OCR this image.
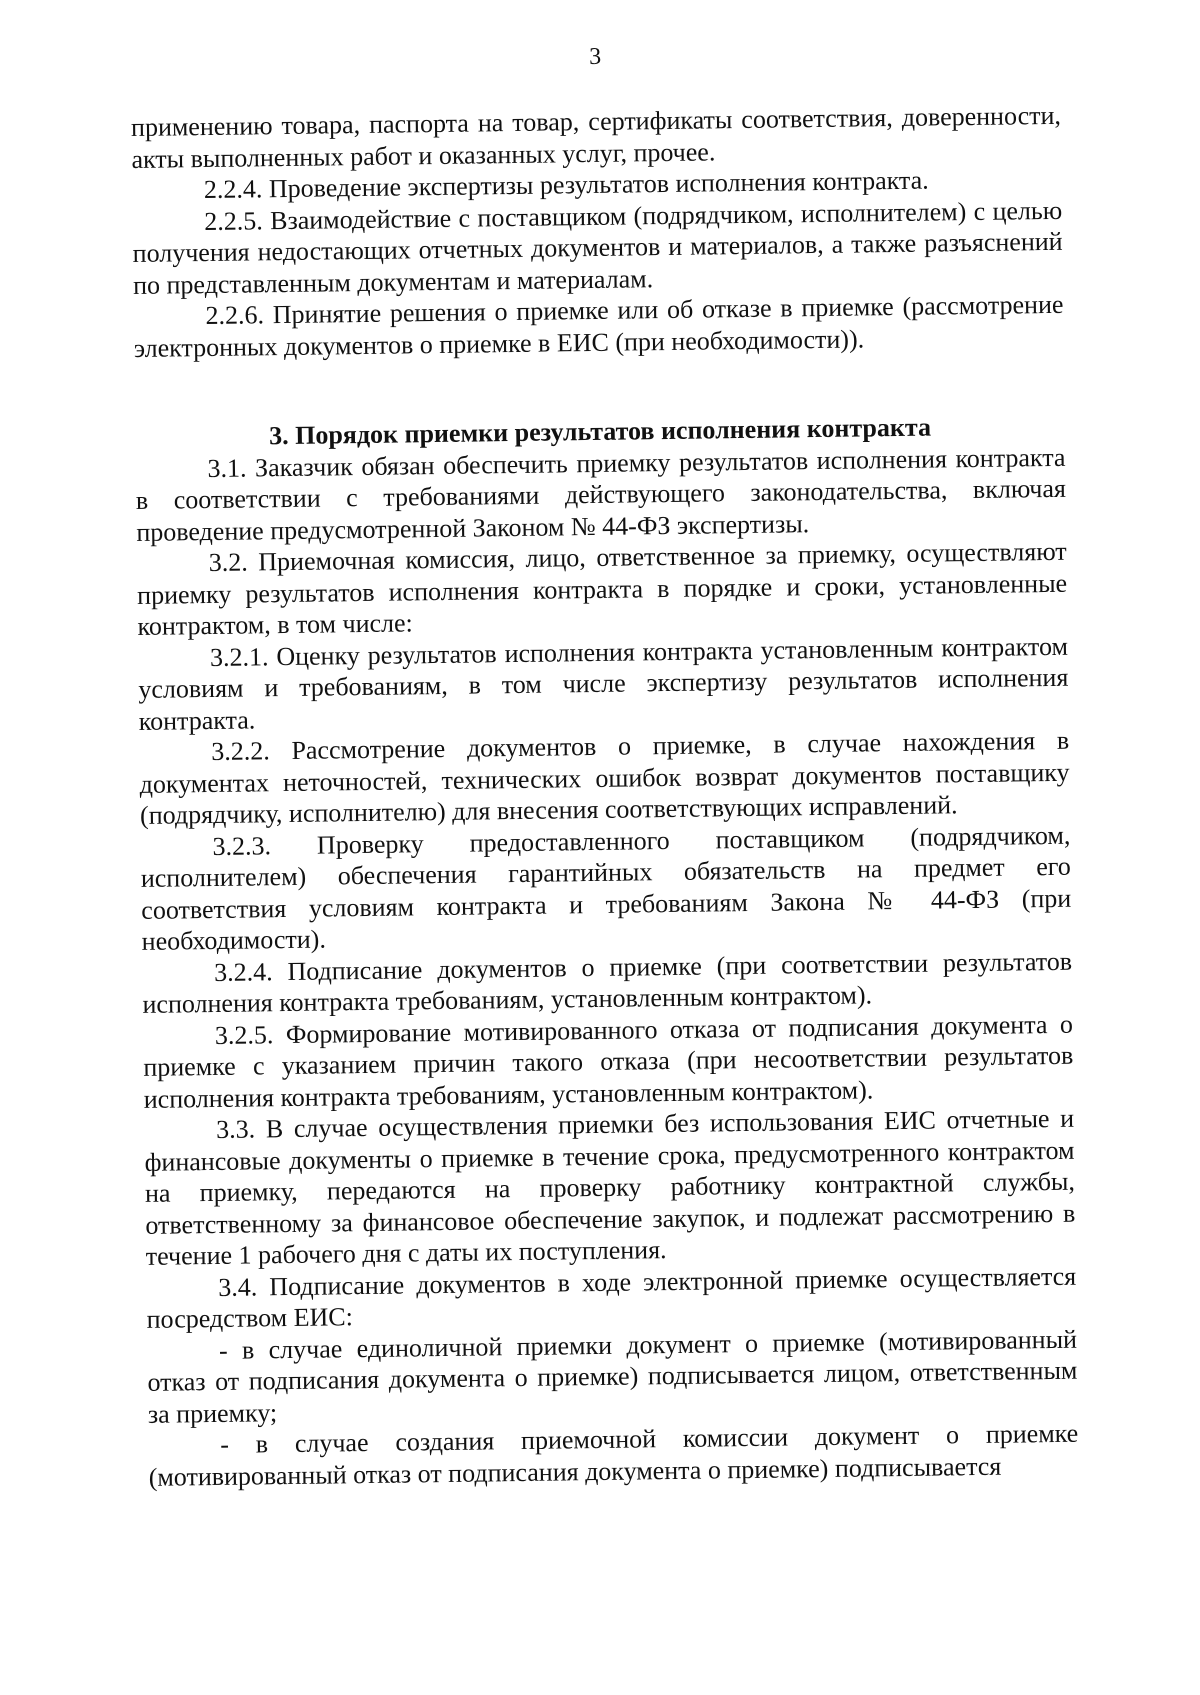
3

применению товара, паспорта на товар, сертификаты соответствия, доверенности, акты выполненных работ и оказанных услуг, прочее.

2.2.4. Проведение экспертизы результатов исполнения контракта.

2.2.5. Взаимодействие с поставщиком (подрядчиком, исполнителем) с целью получения недостающих отчетных документов и материалов, а также разъяснений по представленным документам и материалам.

2.2.6. Принятие решения о приемке или об отказе в приемке (рассмотрение электронных документов о приемке в ЕИС (при необходимости)).

3. Порядок приемки результатов исполнения контракта

3.1. Заказчик обязан обеспечить приемку результатов исполнения контракта в соответствии с требованиями действующего законодательства, включая проведение предусмотренной Законом № 44-ФЗ экспертизы.

3.2. Приемочная комиссия, лицо, ответственное за приемку, осуществляют приемку результатов исполнения контракта в порядке и сроки, установленные контрактом, в том числе:

3.2.1. Оценку результатов исполнения контракта установленным контрактом условиям и требованиям, в том числе экспертизу результатов исполнения контракта.

3.2.2. Рассмотрение документов о приемке, в случае нахождения в документах неточностей, технических ошибок возврат документов поставщику (подрядчику, исполнителю) для внесения соответствующих исправлений.

3.2.3. Проверку предоставленного поставщиком (подрядчиком, исполнителем) обеспечения гарантийных обязательств на предмет его соответствия условиям контракта и требованиям Закона № 44-ФЗ (при необходимости).

3.2.4. Подписание документов о приемке (при соответствии результатов исполнения контракта требованиям, установленным контрактом).

3.2.5. Формирование мотивированного отказа от подписания документа о приемке с указанием причин такого отказа (при несоответствии результатов исполнения контракта требованиям, установленным контрактом).

3.3. В случае осуществления приемки без использования ЕИС отчетные и финансовые документы о приемке в течение срока, предусмотренного контрактом на приемку, передаются на проверку работнику контрактной службы, ответственному за финансовое обеспечение закупок, и подлежат рассмотрению в течение 1 рабочего дня с даты их поступления.

3.4. Подписание документов в ходе электронной приемке осуществляется посредством ЕИС:

- в случае единоличной приемки документ о приемке (мотивированный отказ от подписания документа о приемке) подписывается лицом, ответственным за приемку;

- в случае создания приемочной комиссии документ о приемке (мотивированный отказ от подписания документа о приемке) подписывается
